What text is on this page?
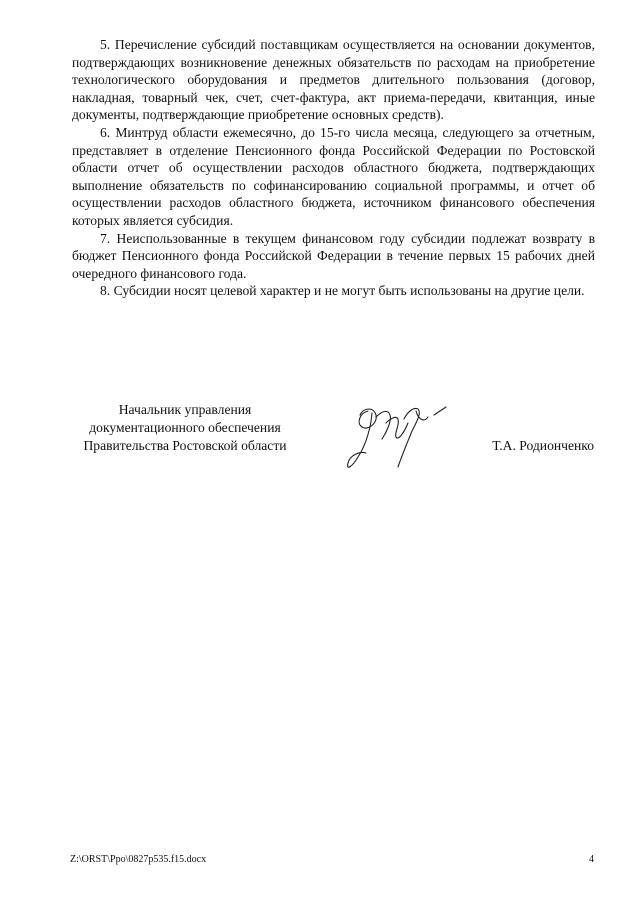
5. Перечисление субсидий поставщикам осуществляется на основании документов, подтверждающих возникновение денежных обязательств по расходам на приобретение технологического оборудования и предметов длительного пользования (договор, накладная, товарный чек, счет, счет-фактура, акт приема-передачи, квитанция, иные документы, подтверждающие приобретение основных средств).

6. Минтруд области ежемесячно, до 15-го числа месяца, следующего за отчетным, представляет в отделение Пенсионного фонда Российской Федерации по Ростовской области отчет об осуществлении расходов областного бюджета, подтверждающих выполнение обязательств по софинансированию социальной программы, и отчет об осуществлении расходов областного бюджета, источником финансового обеспечения которых является субсидия.

7. Неиспользованные в текущем финансовом году субсидии подлежат возврату в бюджет Пенсионного фонда Российской Федерации в течение первых 15 рабочих дней очередного финансового года.

8. Субсидии носят целевой характер и не могут быть использованы на другие цели.

Начальник управления
документационного обеспечения
Правительства Ростовской области	Т.А. Родионченко
Z:\ORST\Ppo\0827p535.f15.docx	4
